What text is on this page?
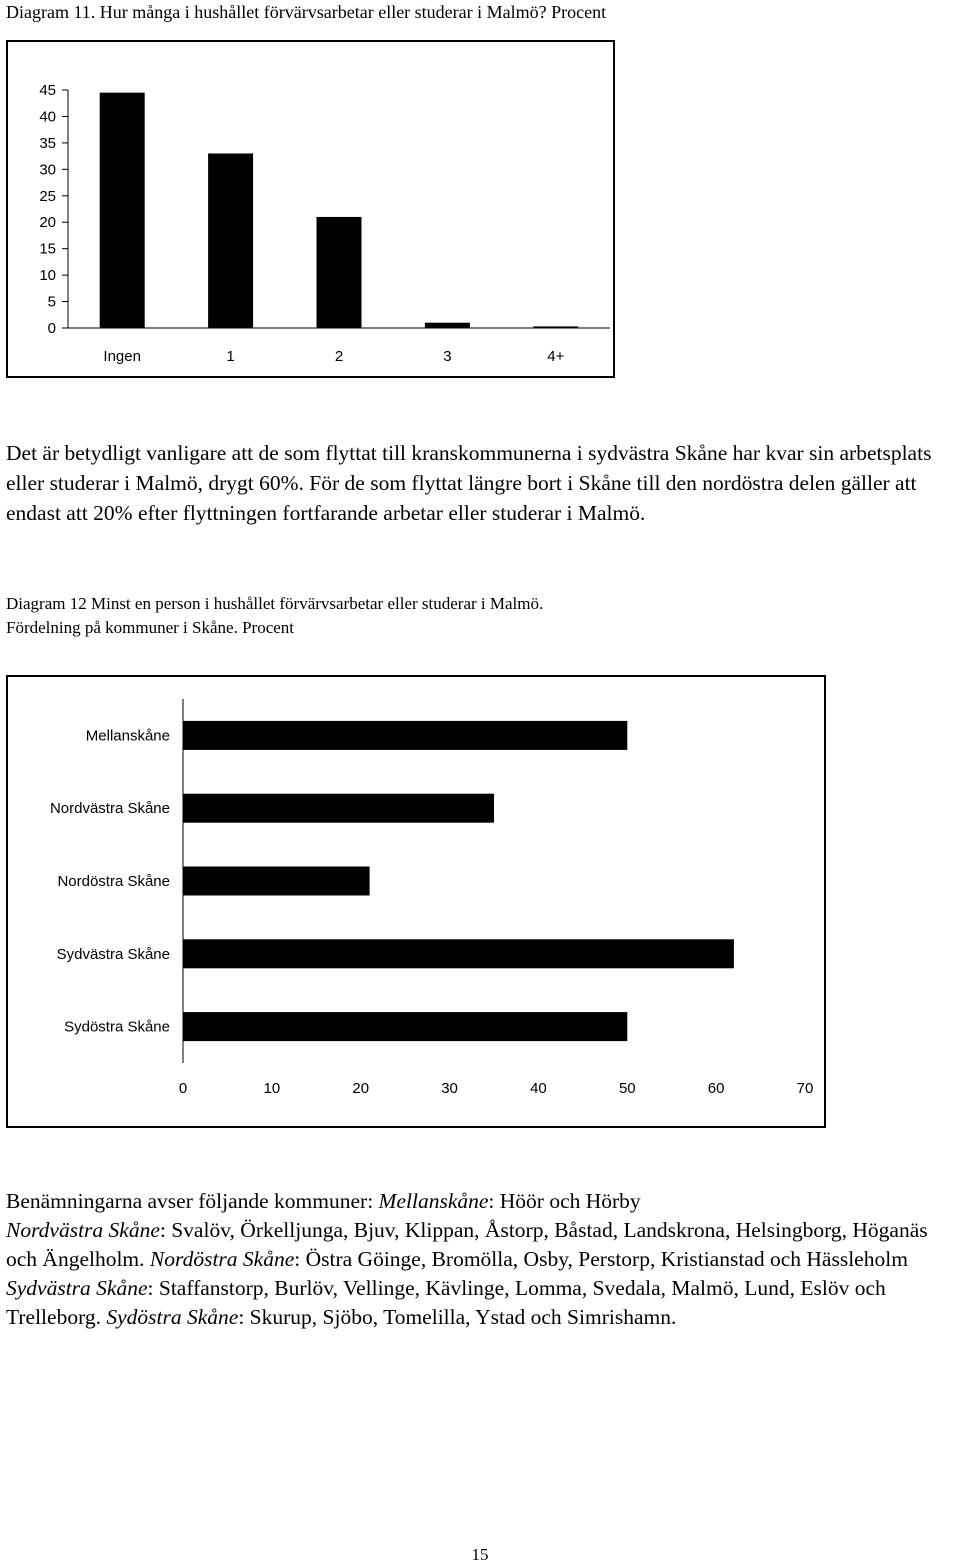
Diagram 11. Hur många i hushållet förvärvsarbetar eller studerar i Malmö? Procent
0
5
10
15
20
25
30
35
40
45
Ingen	1	2	3	4+
Det är betydligt vanligare att de som flyttat till kranskommunerna i sydvästra Skåne har kvar sin arbetsplats eller studerar i Malmö, drygt 60%. För de som flyttat längre bort i Skåne till den nordöstra delen gäller att endast att 20% efter flyttningen fortfarande arbetar eller studerar i Malmö.
Diagram 12 Minst en person i hushållet förvärvsarbetar eller studerar i Malmö.
Fördelning på kommuner i Skåne. Procent
Mellanskåne
Nordvästra Skåne
Nordöstra Skåne
Sydvästra Skåne
Sydöstra Skåne
0	10	20	30	40	50	60	70
Benämningarna avser följande kommuner: Mellanskåne: Höör och Hörby
Nordvästra Skåne: Svalöv, Örkelljunga, Bjuv, Klippan, Åstorp, Båstad, Landskrona, Helsingborg, Höganäs och Ängelholm. Nordöstra Skåne: Östra Göinge, Bromölla, Osby, Perstorp, Kristianstad och Hässleholm Sydvästra Skåne: Staffanstorp, Burlöv, Vellinge, Kävlinge, Lomma, Svedala, Malmö, Lund, Eslöv och Trelleborg. Sydöstra Skåne: Skurup, Sjöbo, Tomelilla, Ystad och Simrishamn.
15
